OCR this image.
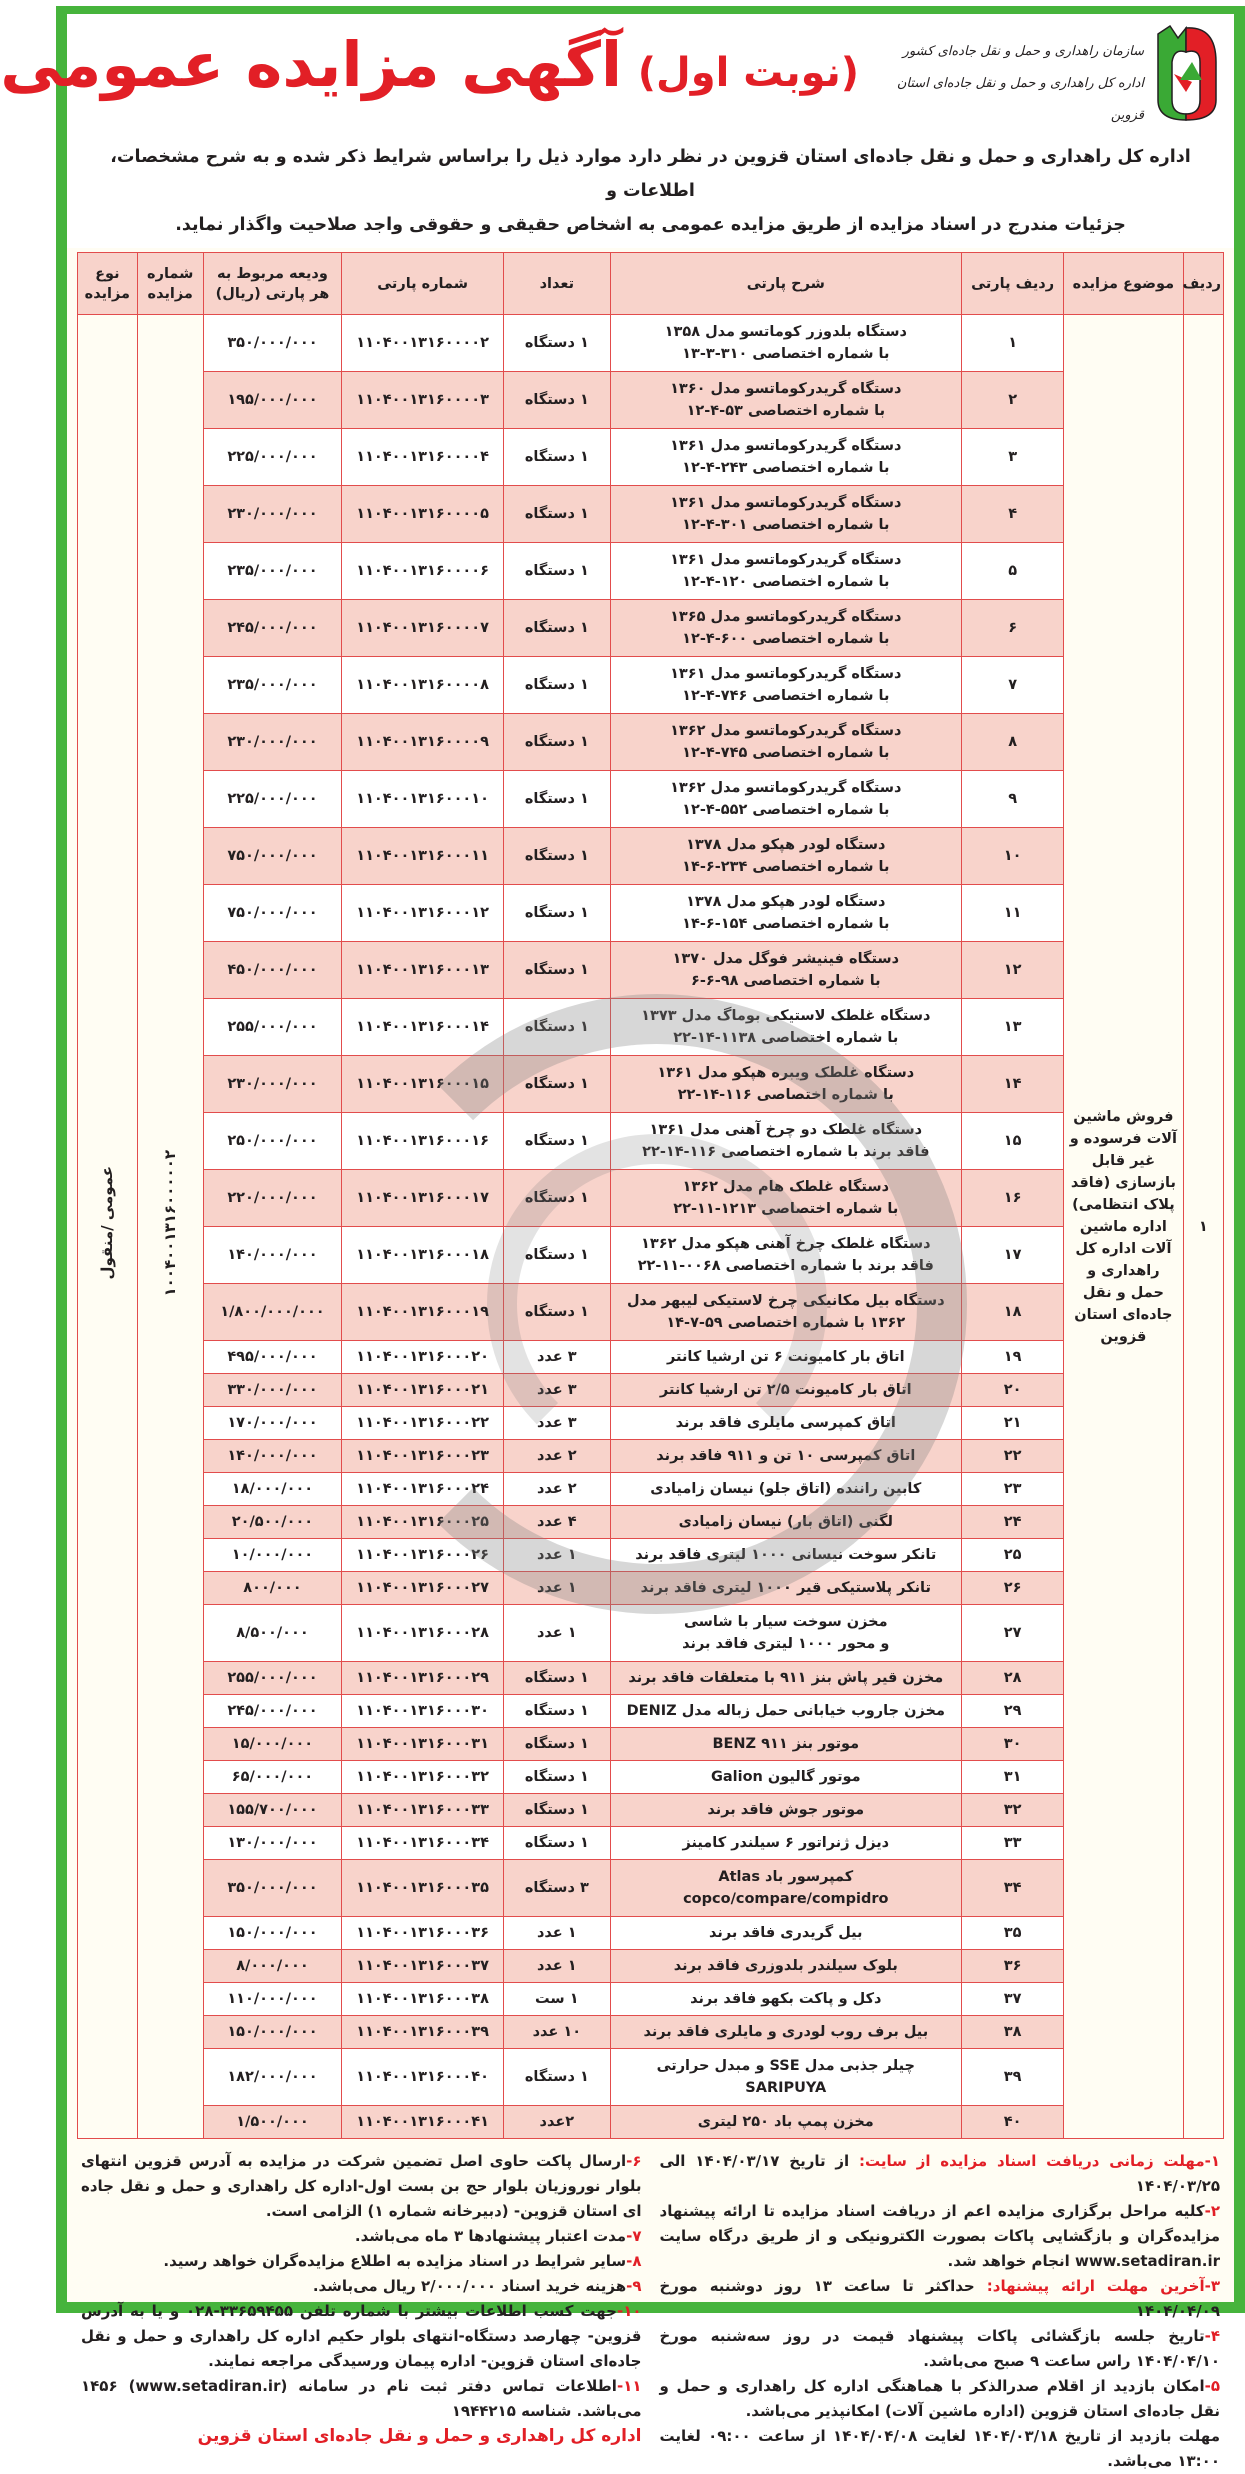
سازمان راهداری و حمل و نقل جاده‌ای کشور
اداره کل راهداری و حمل و نقل جاده‌ای استان قزوین
(نوبت اول) آگهی مزایده عمومی
اداره کل راهداری و حمل و نقل جاده‌ای استان قزوین در نظر دارد موارد ذیل را براساس شرایط ذکر شده و به شرح مشخصات، اطلاعات و
جزئیات مندرج در اسناد مزایده از طریق مزایده عمومی به اشخاص حقیقی و حقوقی واجد صلاحیت واگذار نماید.
ردیف	موضوع مزایده	ردیف پارتی	شرح پارتی	تعداد	شماره پارتی	ودیعه مربوط به هر پارتی (ریال)	شماره مزایده	نوع مزایده
۱	فروش ماشین آلات فرسوده و غیر قابل بازسازی (فاقد پلاک انتظامی) اداره ماشین آلات اداره کل راهداری و حمل و نقل جاده‌ای استان قزوین	۱	دستگاه بلدوزر کوماتسو مدل ۱۳۵۸
با شماره اختصاصی ۳۱۰-۳-۱۳	۱ دستگاه	۱۱۰۴۰۰۱۳۱۶۰۰۰۰۲	۳۵۰/۰۰۰/۰۰۰	۱۰۰۴۰۰۱۳۱۶۰۰۰۰۰۲	عمومی /منقول
		۲	دستگاه گریدرکوماتسو مدل ۱۳۶۰
با شماره اختصاصی ۵۳-۴-۱۲	۱ دستگاه	۱۱۰۴۰۰۱۳۱۶۰۰۰۰۳	۱۹۵/۰۰۰/۰۰۰		
		۳	دستگاه گریدرکوماتسو مدل ۱۳۶۱
با شماره اختصاصی ۲۴۳-۴-۱۲	۱ دستگاه	۱۱۰۴۰۰۱۳۱۶۰۰۰۰۴	۲۲۵/۰۰۰/۰۰۰		
		۴	دستگاه گریدرکوماتسو مدل ۱۳۶۱
با شماره اختصاصی ۳۰۱-۴-۱۲	۱ دستگاه	۱۱۰۴۰۰۱۳۱۶۰۰۰۰۵	۲۳۰/۰۰۰/۰۰۰		
		۵	دستگاه گریدرکوماتسو مدل ۱۳۶۱
با شماره اختصاصی ۱۲۰-۴-۱۲	۱ دستگاه	۱۱۰۴۰۰۱۳۱۶۰۰۰۰۶	۲۳۵/۰۰۰/۰۰۰		
		۶	دستگاه گریدرکوماتسو مدل ۱۳۶۵
با شماره اختصاصی ۶۰۰-۴-۱۲	۱ دستگاه	۱۱۰۴۰۰۱۳۱۶۰۰۰۰۷	۲۴۵/۰۰۰/۰۰۰		
		۷	دستگاه گریدرکوماتسو مدل ۱۳۶۱
با شماره اختصاصی ۷۴۶-۴-۱۲	۱ دستگاه	۱۱۰۴۰۰۱۳۱۶۰۰۰۰۸	۲۳۵/۰۰۰/۰۰۰		
		۸	دستگاه گریدرکوماتسو مدل ۱۳۶۲
با شماره اختصاصی ۷۴۵-۴-۱۲	۱ دستگاه	۱۱۰۴۰۰۱۳۱۶۰۰۰۰۹	۲۳۰/۰۰۰/۰۰۰		
		۹	دستگاه گریدرکوماتسو مدل ۱۳۶۲
با شماره اختصاصی ۵۵۲-۴-۱۲	۱ دستگاه	۱۱۰۴۰۰۱۳۱۶۰۰۰۱۰	۲۲۵/۰۰۰/۰۰۰		
		۱۰	دستگاه لودر هپکو مدل ۱۳۷۸
با شماره اختصاصی ۲۳۴-۶-۱۴	۱ دستگاه	۱۱۰۴۰۰۱۳۱۶۰۰۰۱۱	۷۵۰/۰۰۰/۰۰۰		
		۱۱	دستگاه لودر هپکو مدل ۱۳۷۸
با شماره اختصاصی ۱۵۴-۶-۱۴	۱ دستگاه	۱۱۰۴۰۰۱۳۱۶۰۰۰۱۲	۷۵۰/۰۰۰/۰۰۰		
		۱۲	دستگاه فینیشر فوگل مدل ۱۳۷۰
با شماره اختصاصی ۹۸-۶-۶	۱ دستگاه	۱۱۰۴۰۰۱۳۱۶۰۰۰۱۳	۴۵۰/۰۰۰/۰۰۰		
		۱۳	دستگاه غلطک لاستیکی بوماگ مدل ۱۳۷۳
با شماره اختصاصی ۱۱۳۸-۱۴-۲۲	۱ دستگاه	۱۱۰۴۰۰۱۳۱۶۰۰۰۱۴	۲۵۵/۰۰۰/۰۰۰		
		۱۴	دستگاه غلطک ویبره هپکو مدل ۱۳۶۱
با شماره اختصاصی ۱۱۶-۱۴-۲۲	۱ دستگاه	۱۱۰۴۰۰۱۳۱۶۰۰۰۱۵	۲۳۰/۰۰۰/۰۰۰		
		۱۵	دستگاه غلطک دو چرخ آهنی مدل ۱۳۶۱
فاقد برند با شماره اختصاصی ۱۱۶-۱۴-۲۲	۱ دستگاه	۱۱۰۴۰۰۱۳۱۶۰۰۰۱۶	۲۵۰/۰۰۰/۰۰۰		
		۱۶	دستگاه غلطک هام مدل ۱۳۶۲
با شماره اختصاصی ۱۲۱۳-۱۱-۲۲	۱ دستگاه	۱۱۰۴۰۰۱۳۱۶۰۰۰۱۷	۲۲۰/۰۰۰/۰۰۰		
		۱۷	دستگاه غلطک چرخ آهنی هپکو مدل ۱۳۶۲
فاقد برند با شماره اختصاصی ۰۰۶۸-۱۱-۲۲	۱ دستگاه	۱۱۰۴۰۰۱۳۱۶۰۰۰۱۸	۱۴۰/۰۰۰/۰۰۰		
		۱۸	دستگاه بیل مکانیکی چرخ لاستیکی لیبهر مدل
۱۳۶۲ با شماره اختصاصی ۵۹-۷-۱۴	۱ دستگاه	۱۱۰۴۰۰۱۳۱۶۰۰۰۱۹	۱/۸۰۰/۰۰۰/۰۰۰		
		۱۹	اتاق بار کامیونت ۶ تن ارشیا کانتر	۳ عدد	۱۱۰۴۰۰۱۳۱۶۰۰۰۲۰	۴۹۵/۰۰۰/۰۰۰		
		۲۰	اتاق بار کامیونت ۲/۵ تن ارشیا کانتر	۳ عدد	۱۱۰۴۰۰۱۳۱۶۰۰۰۲۱	۳۳۰/۰۰۰/۰۰۰		
		۲۱	اتاق کمپرسی مایلری فاقد برند	۳ عدد	۱۱۰۴۰۰۱۳۱۶۰۰۰۲۲	۱۷۰/۰۰۰/۰۰۰		
		۲۲	اتاق کمپرسی ۱۰ تن و ۹۱۱ فاقد برند	۲ عدد	۱۱۰۴۰۰۱۳۱۶۰۰۰۲۳	۱۴۰/۰۰۰/۰۰۰		
		۲۳	کابین راننده (اتاق جلو) نیسان زامیادی	۲ عدد	۱۱۰۴۰۰۱۳۱۶۰۰۰۲۴	۱۸/۰۰۰/۰۰۰		
		۲۴	لگنی (اتاق بار) نیسان زامیادی	۴ عدد	۱۱۰۴۰۰۱۳۱۶۰۰۰۲۵	۲۰/۵۰۰/۰۰۰		
		۲۵	تانکر سوخت نیسانی ۱۰۰۰ لیتری فاقد برند	۱ عدد	۱۱۰۴۰۰۱۳۱۶۰۰۰۲۶	۱۰/۰۰۰/۰۰۰		
		۲۶	تانکر پلاستیکی قیر ۱۰۰۰ لیتری فاقد برند	۱ عدد	۱۱۰۴۰۰۱۳۱۶۰۰۰۲۷	۸۰۰/۰۰۰		
		۲۷	مخزن سوخت سیار با شاسی
و محور ۱۰۰۰ لیتری فاقد برند	۱ عدد	۱۱۰۴۰۰۱۳۱۶۰۰۰۲۸	۸/۵۰۰/۰۰۰		
		۲۸	مخزن قیر پاش بنز ۹۱۱ با متعلقات فاقد برند	۱ دستگاه	۱۱۰۴۰۰۱۳۱۶۰۰۰۲۹	۲۵۵/۰۰۰/۰۰۰		
		۲۹	مخزن جاروب خیابانی حمل زباله مدل DENIZ	۱ دستگاه	۱۱۰۴۰۰۱۳۱۶۰۰۰۳۰	۲۴۵/۰۰۰/۰۰۰		
		۳۰	موتور بنز ۹۱۱ BENZ	۱ دستگاه	۱۱۰۴۰۰۱۳۱۶۰۰۰۳۱	۱۵/۰۰۰/۰۰۰		
		۳۱	موتور گالیون Galion	۱ دستگاه	۱۱۰۴۰۰۱۳۱۶۰۰۰۳۲	۶۵/۰۰۰/۰۰۰		
		۳۲	موتور جوش فاقد برند	۱ دستگاه	۱۱۰۴۰۰۱۳۱۶۰۰۰۳۳	۱۵۵/۷۰۰/۰۰۰		
		۳۳	دیزل ژنراتور ۶ سیلندر کامینز	۱ دستگاه	۱۱۰۴۰۰۱۳۱۶۰۰۰۳۴	۱۳۰/۰۰۰/۰۰۰		
		۳۴	کمپرسور باد Atlas
copco/compare/compidro	۳ دستگاه	۱۱۰۴۰۰۱۳۱۶۰۰۰۳۵	۳۵۰/۰۰۰/۰۰۰		
		۳۵	بیل گریدری فاقد برند	۱ عدد	۱۱۰۴۰۰۱۳۱۶۰۰۰۳۶	۱۵۰/۰۰۰/۰۰۰		
		۳۶	بلوک سیلندر بلدوزری فاقد برند	۱ عدد	۱۱۰۴۰۰۱۳۱۶۰۰۰۳۷	۸/۰۰۰/۰۰۰		
		۳۷	دکل و پاکت بکهو فاقد برند	۱ ست	۱۱۰۴۰۰۱۳۱۶۰۰۰۳۸	۱۱۰/۰۰۰/۰۰۰		
		۳۸	بیل برف روب لودری و مایلری فاقد برند	۱۰ عدد	۱۱۰۴۰۰۱۳۱۶۰۰۰۳۹	۱۵۰/۰۰۰/۰۰۰		
		۳۹	چیلر جذبی مدل SSE و مبدل حرارتی
SARIPUYA	۱ دستگاه	۱۱۰۴۰۰۱۳۱۶۰۰۰۴۰	۱۸۲/۰۰۰/۰۰۰		
		۴۰	مخزن پمپ باد ۲۵۰ لیتری	۲عدد	۱۱۰۴۰۰۱۳۱۶۰۰۰۴۱	۱/۵۰۰/۰۰۰		

۱-مهلت زمانی دریافت اسناد مزایده از سایت: از تاریخ ۱۴۰۴/۰۳/۱۷ الی ۱۴۰۴/۰۳/۲۵

۲-کلیه مراحل برگزاری مزایده اعم از دریافت اسناد مزایده تا ارائه پیشنهاد مزایده‌گران و بازگشایی پاکات بصورت الکترونیکی و از طریق درگاه سایت www.setadiran.ir انجام خواهد شد.

۳-آخرین مهلت ارائه پیشنهاد: حداکثر تا ساعت ۱۳ روز دوشنبه مورخ ۱۴۰۴/۰۴/۰۹

۴-تاریخ جلسه بازگشائی پاکات پیشنهاد قیمت در روز سه‌شنبه مورخ ۱۴۰۴/۰۴/۱۰ راس ساعت ۹ صبح می‌باشد.

۵-امکان بازدید از اقلام صدرالذکر با هماهنگی اداره کل راهداری و حمل و نقل جاده‌ای استان قزوین (اداره ماشین آلات) امکانپذیر می‌باشد.

مهلت بازدید از تاریخ ۱۴۰۴/۰۳/۱۸ لغایت ۱۴۰۴/۰۴/۰۸ از ساعت ۰۹:۰۰ لغایت ۱۳:۰۰ می‌باشد.

۶-ارسال پاکت حاوی اصل تضمین شرکت در مزایده به آدرس قزوین انتهای بلوار نوروزیان بلوار حج بن بست اول-اداره کل راهداری و حمل و نقل جاده ای استان قزوین- (دبیرخانه شماره ۱) الزامی است.

۷-مدت اعتبار پیشنهادها ۳ ماه می‌باشد.

۸-سایر شرایط در اسناد مزایده به اطلاع مزایده‌گران خواهد رسید.

۹-هزینه خرید اسناد ۲/۰۰۰/۰۰۰ ریال می‌باشد.

۱۰-جهت کسب اطلاعات بیشتر با شماره تلفن ۳۳۶۵۹۴۵۵-۰۲۸ و یا به آدرس قزوین- چهارصد دستگاه-انتهای بلوار حکیم اداره کل راهداری و حمل و نقل جاده‌ای استان قزوین- اداره پیمان ورسیدگی مراجعه نمایند.

۱۱-اطلاعات تماس دفتر ثبت نام در سامانه (www.setadiran.ir) ۱۴۵۶ می‌باشد. شناسه ۱۹۴۴۲۱۵

اداره کل راهداری و حمل و نقل جاده‌ای استان قزوین
